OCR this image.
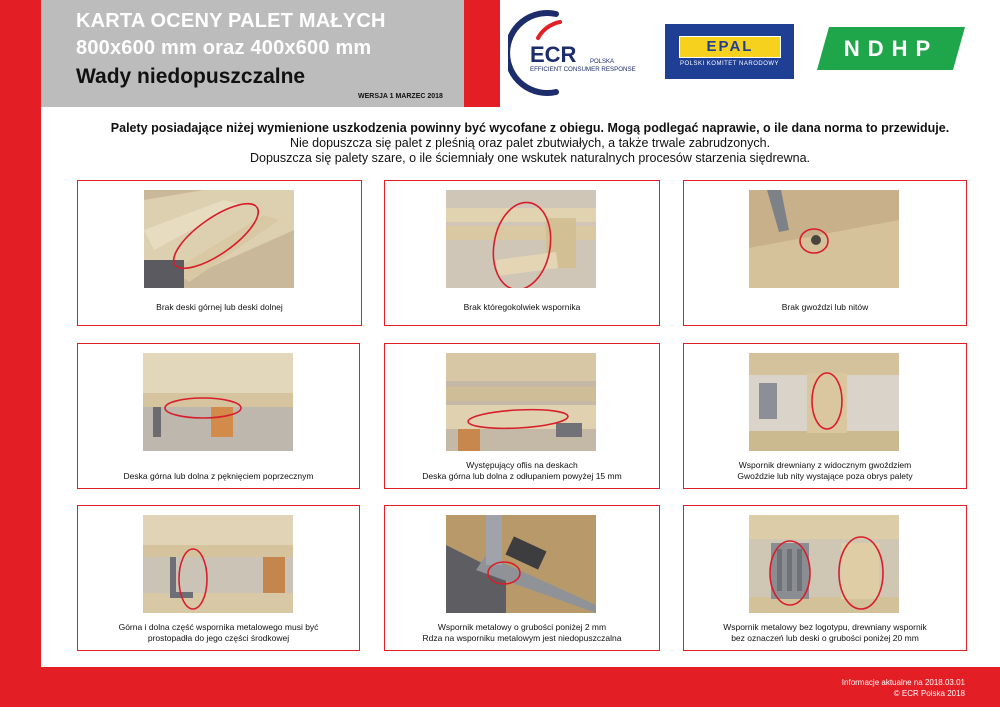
KARTA OCENY PALET MAŁYCH
800x600 mm oraz 400x600 mm
Wady niedopuszczalne
WERSJA 1 MARZEC 2018
ECR POLSKA
EFFICIENT CONSUMER RESPONSE
EPAL
POLSKI KOMITET NARODOWY
NDHP
Palety posiadające niżej wymienione uszkodzenia powinny być wycofane z obiegu. Mogą podlegać naprawie, o ile dana norma to przewiduje.
Nie dopuszcza się palet z pleśnią oraz palet zbutwiałych, a także trwale zabrudzonych.
Dopuszcza się palety szare, o ile ściemniały one wskutek naturalnych procesów starzenia siędrewna.
Brak deski górnej lub deski dolnej	Brak któregokolwiek wspornika	Brak gwoździ lub nitów
Deska górna lub dolna z pęknięciem poprzecznym
Występujący oflis na deskach
Deska górna lub dolna z odłupaniem powyżej 15 mm
Wspornik drewniany z widocznym gwoździem
Gwoździe lub nity wystające poza obrys palety
Górna i dolna część wspornika metalowego musi być
prostopadła do jego części środkowej
Wspornik metalowy o grubości poniżej 2 mm
Rdza na wsporniku metalowym jest niedopuszczalna
Wspornik metalowy bez logotypu, drewniany wspornik
bez oznaczeń lub deski o grubości poniżej 20 mm
Informacje aktualne na 2018.03.01
© ECR Polska 2018
